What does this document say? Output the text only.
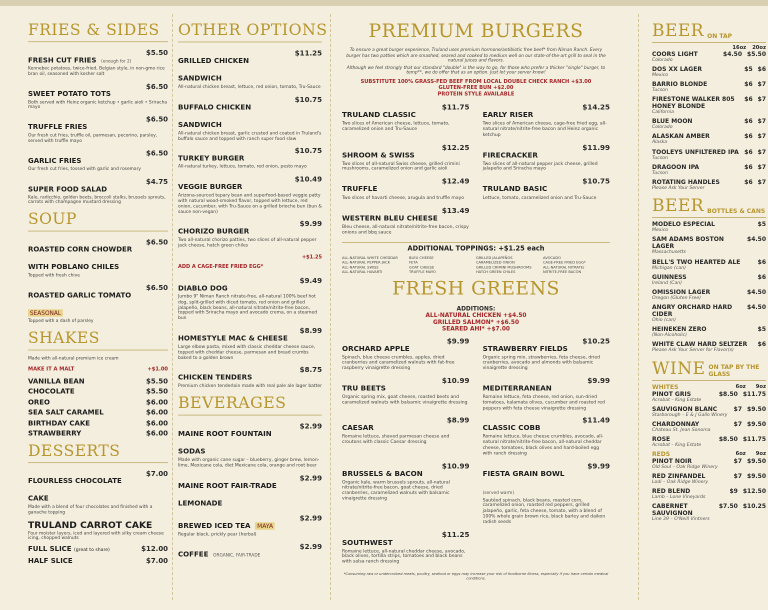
FRIES & SIDES
FRESH CUT FRIES (enough for 2)
$5.50
Kennebec potatoes, twice-fried, Belgian style, in non-gmo rice bran oil, seasoned with kosher salt
SWEET POTATO TOTS
$6.50
Both served with Heinz organic ketchup • garlic aioli • Sriracha mayo
TRUFFLE FRIES
$6.50
Our fresh cut fries, truffle oil, parmesan, pecorino, parsley, served with truffle mayo
GARLIC FRIES
$6.50
Our fresh cut fries, tossed with garlic and rosemary
SUPER FOOD SALAD
$4.75
Kale, radicchio, golden beets, broccoli stalks, brussels sprouts, carrots with champagne mustard dressing
SOUP
ROASTED CORN CHOWDER WITH POBLANO CHILES
$6.50
Topped with fresh chive
ROASTED GARLIC TOMATO SEASONAL
$6.50
Topped with a dash of parsley
SHAKES
Made with all-natural premium ice cream
MAKE IT A MALT	+$1.00
VANILLA BEAN	$5.50
CHOCOLATE	$5.50
OREO	$6.00
SEA SALT CARAMEL	$6.00
BIRTHDAY CAKE	$6.00
STRAWBERRY	$6.00
DESSERTS
FLOURLESS CHOCOLATE CAKE
$7.00
Made with a blend of four chocolates and finished with a ganache topping
TRULAND CARROT CAKE
Four moister layers, iced and layered with silky cream cheese icing, chopped walnuts
FULL SLICE (great to share)	$12.00
HALF SLICE	$7.00
OTHER OPTIONS
GRILLED CHICKEN SANDWICH
$11.25
All-natural chicken breast, lettuce, red onion, tomato, Tru-Sauce
BUFFALO CHICKEN SANDWICH
$10.75
All-natural chicken breast, garlic crusted and coated in Truland's buffalo sauce and topped with ranch super food slaw
TURKEY BURGER
$10.75
All-natural turkey, lettuce, tomato, red onion, pesto mayo
VEGGIE BURGER
$10.49
Arizona-sourced tepary bean and superfood-based veggie patty with natural wood-smoked flavor, topped with lettuce, red onion, cucumber, with Tru-Sauce on a grilled brioche bun (bun & sauce non-vegan)
CHORIZO BURGER
$9.99
Two all-natural chorizo patties, two slices of all-natural pepper jack cheese, hatch green chiles
ADD A CAGE-FREE FRIED EGG*
+$1.25
DIABLO DOG
$9.49
Jumbo 9" Niman Ranch nitrate-free, all-natural 100% beef hot dog, split-grilled with diced tomato, red onion and grilled jalapeño, black beans, all-natural nitrate/nitrite-free bacon, topped with Sriracha mayo and avocado crema, on a steamed bun
HOMESTYLE MAC & CHEESE
$8.99
Large elbow pasta, mixed with classic cheddar cheese sauce, topped with cheddar cheese, parmesan and bread crumbs baked to a golden brown
CHICKEN TENDERS
$8.75
Premium chicken tenderloin made with real pale ale lager batter
BEVERAGES
MAINE ROOT FOUNTAIN SODAS
$2.99
Made with organic cane sugar – blueberry, ginger brew, lemon-lime, Mexicane cola, diet Mexicane cola, orange and root beer
MAINE ROOT FAIR-TRADE LEMONADE
$2.99
BREWED ICED TEA MAYA
$2.99
Regular black, prickly pear (herbal)
COFFEE ORGANIC, FAIR-TRADE
$2.99
PREMIUM BURGERS
To ensure a great burger experience, Truland uses premium hormone/antibiotic free beef* from Niman Ranch. Every burger has two patties which are smashed, seared and cooked to medium well on our state-of-the-art grill to seal in the natural juices and flavors.
Although we feel strongly that our standard "double" is the way to go, for those who prefer a thicker "single" burger, to temp**, we do offer that as an option. Just let your server know!
SUBSTITUTE 100% GRASS-FED BEEF FROM LOCAL DOUBLE CHECK RANCH +$3.00
GLUTEN-FREE BUN +$2.00
PROTEIN STYLE AVAILABLE
TRULAND CLASSIC
$11.75
Two slices of American cheese, lettuce, tomato, caramelized onion and Tru-Sauce
EARLY RISER
$14.25
Two slices of American cheese, cage-free fried egg, all-natural nitrate/nitrite-free bacon and Heinz organic ketchup
SHROOM & SWISS
$12.25
Two slices of all-natural Swiss cheese, grilled crimini mushrooms, caramelized onion and garlic aioli
FIRECRACKER
$11.99
Two slices of all-natural pepper jack cheese, grilled jalapeño and Sriracha mayo
TRUFFLE
$12.49
Two slices of havarti cheese, arugula and truffle mayo
TRULAND BASIC
$10.75
Lettuce, tomato, caramelized onion and Tru-Sauce
WESTERN BLEU CHEESE
$13.49
Bleu cheese, all-natural nitrate/nitrite-free bacon, crispy onions and bbq sauce
ADDITIONAL TOPPINGS: +$1.25 each
ALL-NATURAL WHITE CHEDDAR	BLEU CHEESE	GRILLED JALAPEÑOS	AVOCADO
ALL-NATURAL PEPPER JACK	FETA	CARAMELIZED ONION	CAGE-FREE FRIED EGG*
ALL-NATURAL SWISS	GOAT CHEESE	GRILLED CRIMINI MUSHROOMS	ALL-NATURAL NITRATE/
ALL-NATURAL HAVARTI	TRUFFLE MAYO	HATCH GREEN CHILES	NITRITE-FREE BACON
FRESH GREENS
ADDITIONS:
ALL-NATURAL CHICKEN +$4.50
GRILLED SALMON* +$6.50
SEARED AHI* +$7.00
ORCHARD APPLE
$9.99
Spinach, blue cheese crumbles, apples, dried cranberries and caramelized walnuts with fat-free raspberry vinaigrette dressing
STRAWBERRY FIELDS
$10.25
Organic spring mix, strawberries, feta cheese, dried cranberries, avocado and almonds with balsamic vinaigrette dressing
TRU BEETS
$10.99
Organic spring mix, goat cheese, roasted beets and caramelized walnuts with balsamic vinaigrette dressing
MEDITERRANEAN
$9.99
Romaine lettuce, feta cheese, red onion, sun-dried tomatoes, kalamata olives, cucumber and roasted red peppers with feta cheese vinaigrette dressing
CAESAR
$8.99
Romaine lettuce, shaved parmesan cheese and croutons with classic Caesar dressing
CLASSIC COBB
$11.49
Romaine lettuce, blue cheese crumbles, avocado, all-natural nitrate/nitrite-free bacon, all-natural cheddar cheese, tomatoes, black olives and hard-boiled egg with ranch dressing
BRUSSELS & BACON
$10.99
Organic kale, warm brussels sprouts, all-natural nitrate/nitrite-free bacon, goat cheese, dried cranberries, caramelized walnuts with balsamic vinaigrette dressing
FIESTA GRAIN BOWL (served warm)
$9.99
Sautéed spinach, black beans, roasted corn, caramelized onion, roasted red peppers, grilled jalapeño, garlic, feta cheese, tomato, with a blend of 100% whole grain brown rice, black barley and daikon radish seeds
SOUTHWEST
$11.25
Romaine lettuce, all-natural cheddar cheese, avocado, black olives, tortilla strips, tomatoes and black beans with salsa ranch dressing
*Consuming raw or undercooked meats, poultry, seafood or eggs may increase your risk of foodborne illness, especially if you have certain medical conditions.
BEER ON TAP
16oz 20oz
COORS LIGHT	$4.50 $5.50
Colorado
DOS XX LAGER	$5 $6
Mexico
BARRIO BLONDE	$6 $7
Tucson
FIRESTONE WALKER 805 HONEY BLONDE
$6 $7
California
BLUE MOON	$6 $7
Colorado
ALASKAN AMBER	$6 $7
Alaska
TOOLEYS UNFILTERED IPA $6 $7
Tucson
DRAGOON IPA	$6 $7
Tucson
ROTATING HANDLES	$6 $7
Please Ask Your Server
BEER BOTTLES & CANS
MODELO ESPECIAL	$5
Mexico
SAM ADAMS BOSTON LAGER
$4.50
Massachusetts
BELL'S TWO HEARTED ALE	$6
Michigan (can)
GUINNESS	$6
Ireland (Can)
OMISSION LAGER	$4.50
Oregon (Gluten Free)
ANGRY ORCHARD HARD CIDER
$4.50
Ohio (can)
HEINEKEN ZERO	$5
(Non-Alcoholic)
WHITE CLAW HARD SELTZER $6
Please Ask Your Server for Flavor(s)
WINE ON TAP BY THE GLASS
WHITES	6oz 9oz
PINOT GRIS	$8.50 $11.75
Acrobat – King Estate
SAUVIGNON BLANC	$7 $9.50
Starborough – E & J Gallo Winery
CHARDONNAY	$7 $9.50
Chateau St. Jean Sonoma
ROSE	$8.50 $11.75
Acrobat – King Estate
REDS	6oz 9oz
PINOT NOIR	$7 $9.50
Old Soul – Oak Ridge Winery
RED ZINFANDEL	$7 $9.50
Lodi – Oak Ridge Winery
RED BLEND	$9 $12.50
Lamb – Lone Vineyards
CABERNET SAUVIGNON
$7.50 $10.25
Line 39 – O'Neill Vintners
